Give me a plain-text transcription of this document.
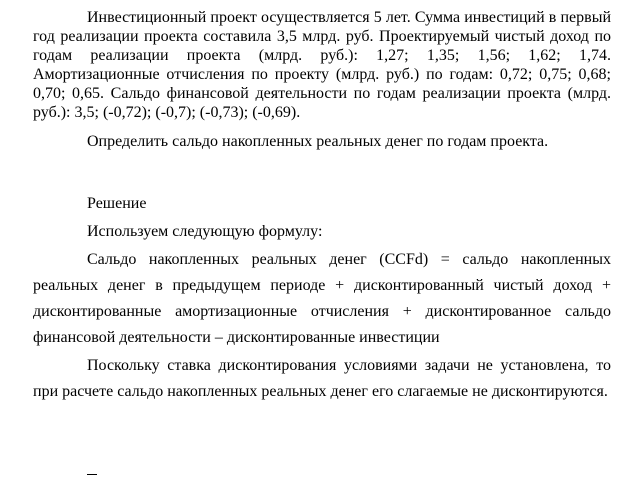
Инвестиционный проект осуществляется 5 лет. Сумма инвестиций в первый год реализации проекта составила 3,5 млрд. руб. Проектируемый чистый доход по годам реализации проекта (млрд. руб.): 1,27; 1,35; 1,56; 1,62; 1,74. Амортизационные отчисления по проекту (млрд. руб.) по годам: 0,72; 0,75; 0,68; 0,70; 0,65. Сальдо финансовой деятельности по годам реализации проекта (млрд. руб.): 3,5; (-0,72); (-0,7); (-0,73); (-0,69).

Определить сальдо накопленных реальных денег по годам проекта.

Решение

Используем следующую формулу:

Сальдо накопленных реальных денег (CCFd) = сальдо накопленных реальных денег в предыдущем периоде + дисконтированный чистый доход + дисконтированные амортизационные отчисления + дисконтированное сальдо финансовой деятельности – дисконтированные инвестиции

Поскольку ставка дисконтирования условиями задачи не установлена, то при расчете сальдо накопленных реальных денег его слагаемые не дисконтируются.
